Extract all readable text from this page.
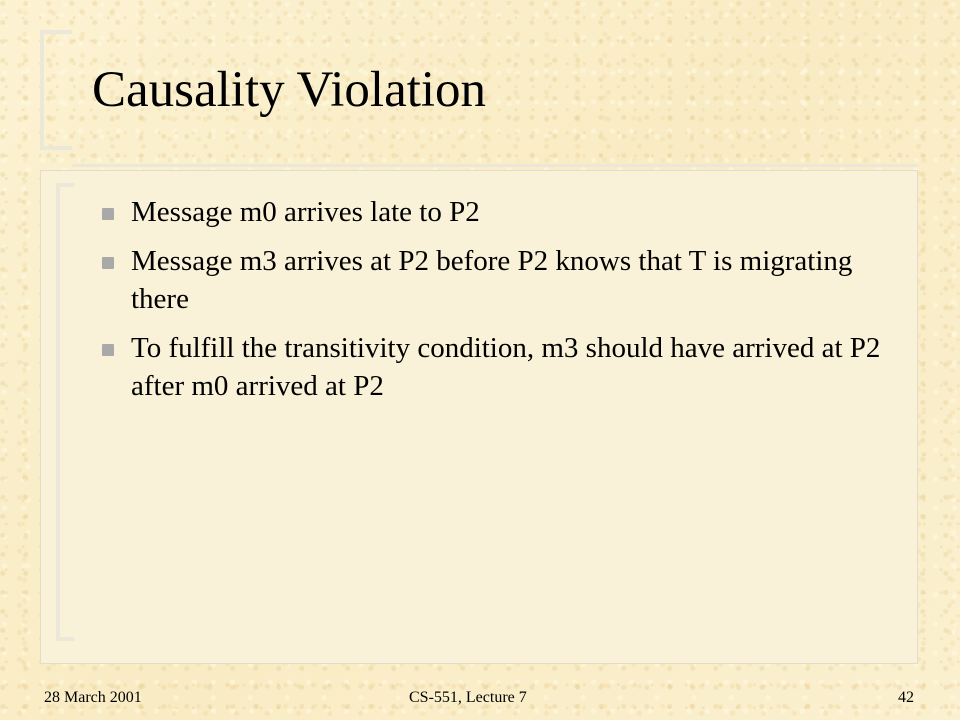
Causality Violation
Message m0 arrives late to P2
Message m3 arrives at P2 before P2 knows that T is migrating there
To fulfill the transitivity condition, m3 should have arrived at P2 after m0 arrived at P2
28 March 2001	CS-551, Lecture 7	42
